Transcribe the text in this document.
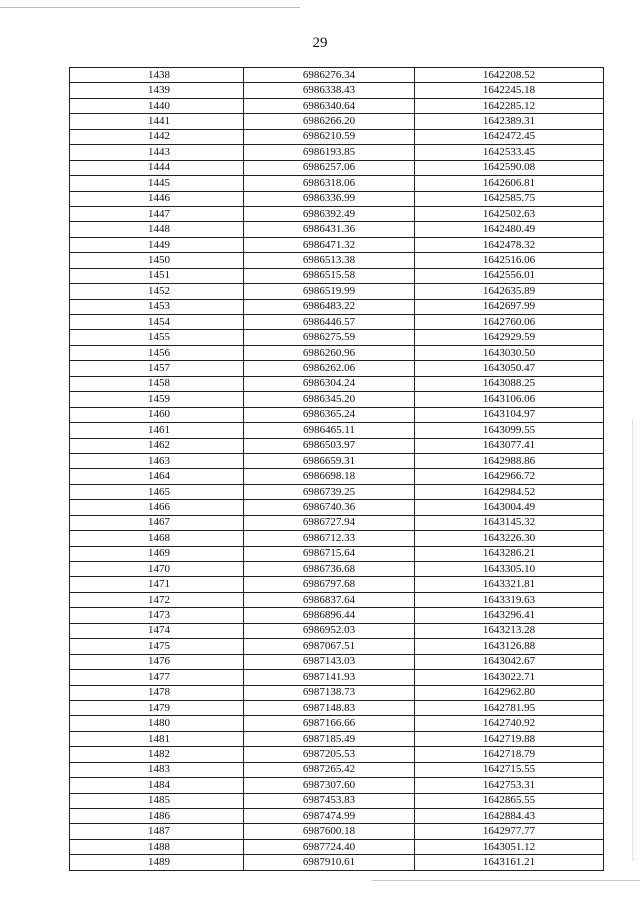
29
1438	6986276.34	1642208.52
1439	6986338.43	1642245.18
1440	6986340.64	1642285.12
1441	6986266.20	1642389.31
1442	6986210.59	1642472.45
1443	6986193.85	1642533.45
1444	6986257.06	1642590.08
1445	6986318.06	1642606.81
1446	6986336.99	1642585.75
1447	6986392.49	1642502.63
1448	6986431.36	1642480.49
1449	6986471.32	1642478.32
1450	6986513.38	1642516.06
1451	6986515.58	1642556.01
1452	6986519.99	1642635.89
1453	6986483.22	1642697.99
1454	6986446.57	1642760.06
1455	6986275.59	1642929.59
1456	6986260.96	1643030.50
1457	6986262.06	1643050.47
1458	6986304.24	1643088.25
1459	6986345.20	1643106.06
1460	6986365.24	1643104.97
1461	6986465.11	1643099.55
1462	6986503.97	1643077.41
1463	6986659.31	1642988.86
1464	6986698.18	1642966.72
1465	6986739.25	1642984.52
1466	6986740.36	1643004.49
1467	6986727.94	1643145.32
1468	6986712.33	1643226.30
1469	6986715.64	1643286.21
1470	6986736.68	1643305.10
1471	6986797.68	1643321.81
1472	6986837.64	1643319.63
1473	6986896.44	1643296.41
1474	6986952.03	1643213.28
1475	6987067.51	1643126.88
1476	6987143.03	1643042.67
1477	6987141.93	1643022.71
1478	6987138.73	1642962.80
1479	6987148.83	1642781.95
1480	6987166.66	1642740.92
1481	6987185.49	1642719.88
1482	6987205.53	1642718.79
1483	6987265.42	1642715.55
1484	6987307.60	1642753.31
1485	6987453.83	1642865.55
1486	6987474.99	1642884.43
1487	6987600.18	1642977.77
1488	6987724.40	1643051.12
1489	6987910.61	1643161.21
